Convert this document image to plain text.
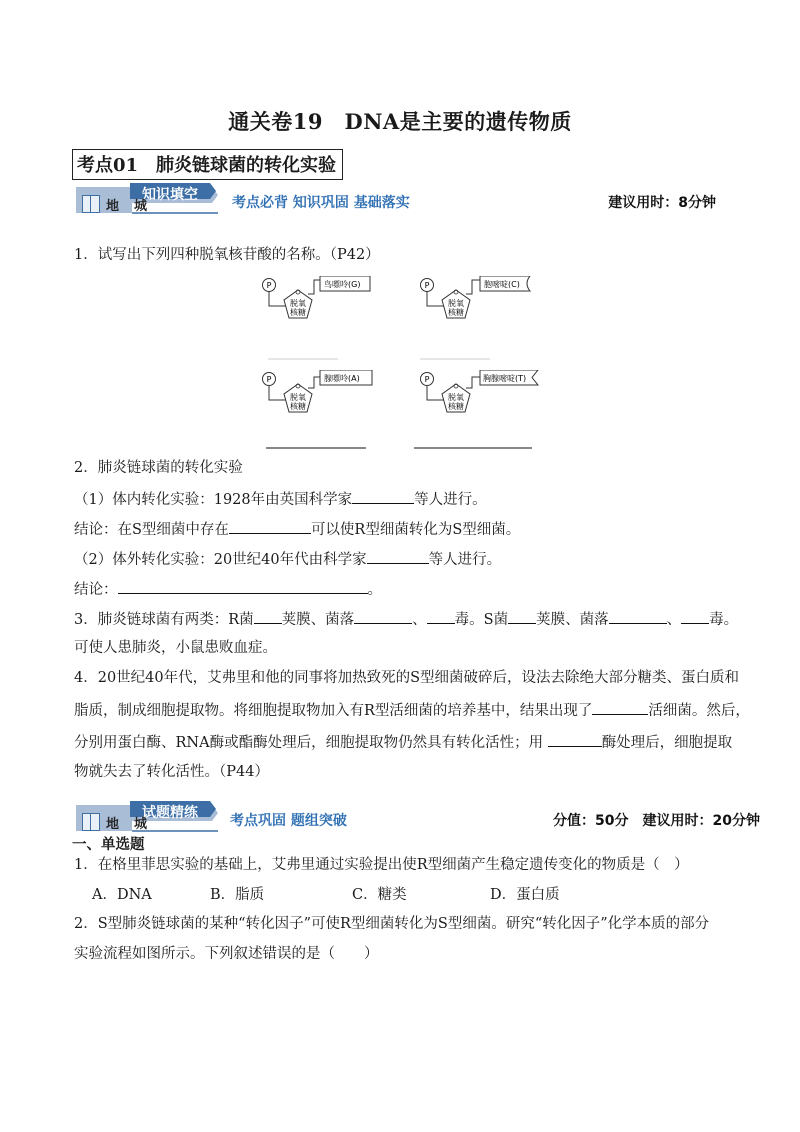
通关卷19　DNA是主要的遗传物质
考点01　肺炎链球菌的转化实验
知识填空
地　城	考点必背 知识巩固 基础落实	建议用时：8分钟
1．试写出下列四种脱氧核苷酸的名称。（P42）
P
脱氧
核糖
鸟嘌呤(G)	P
脱氧
核糖
胞嘧啶(C)
P
脱氧
核糖
腺嘌呤(A)	P
脱氧
核糖
胸腺嘧啶(T)
2．肺炎链球菌的转化实验
（1）体内转化实验：1928年由英国科学家	等人进行。
结论：在S型细菌中存在	可以使R型细菌转化为S型细菌。
（2）体外转化实验：20世纪40年代由科学家	等人进行。
结论：	。
3．肺炎链球菌有两类：R菌 荚膜、菌落	、 毒。S菌 荚膜、菌落	、 毒。
可使人患肺炎，小鼠患败血症。
4．20世纪40年代，艾弗里和他的同事将加热致死的S型细菌破碎后，设法去除绝大部分糖类、蛋白质和
脂质，制成细胞提取物。将细胞提取物加入有R型活细菌的培养基中，结果出现了	活细菌。然后，
分别用蛋白酶、RNA酶或酯酶处理后，细胞提取物仍然具有转化活性；用	酶处理后，细胞提取
物就失去了转化活性。（P44）
试题精练
地　城	考点巩固 题组突破	分值：50分　建议用时：20分钟
一、单选题
1．在格里菲思实验的基础上，艾弗里通过实验提出使R型细菌产生稳定遗传变化的物质是（　）
A．DNA	B．脂质	C．糖类	D．蛋白质
2．S型肺炎链球菌的某种“转化因子”可使R型细菌转化为S型细菌。研究“转化因子”化学本质的部分
实验流程如图所示。下列叙述错误的是（　　）
